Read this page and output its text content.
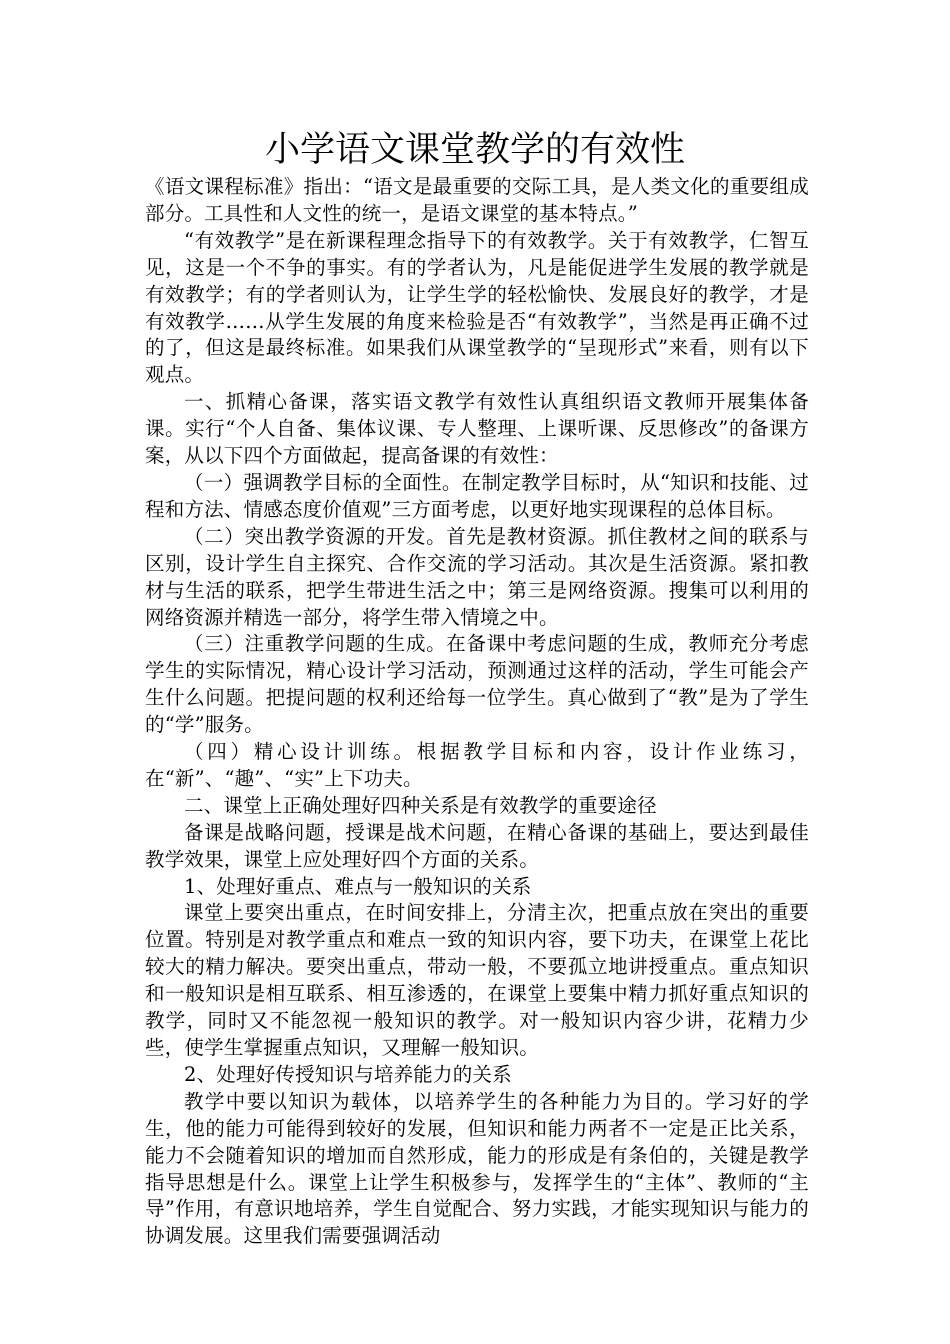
小学语文课堂教学的有效性

《语文课程标准》指出：“语文是最重要的交际工具，是人类文化的重要组成部分。工具性和人文性的统一，是语文课堂的基本特点。”

“有效教学”是在新课程理念指导下的有效教学。关于有效教学，仁智互见，这是一个不争的事实。有的学者认为，凡是能促进学生发展的教学就是有效教学；有的学者则认为，让学生学的轻松愉快、发展良好的教学，才是有效教学……从学生发展的角度来检验是否“有效教学”，当然是再正确不过的了，但这是最终标准。如果我们从课堂教学的“呈现形式”来看，则有以下观点。

一、抓精心备课，落实语文教学有效性认真组织语文教师开展集体备课。实行“个人自备、集体议课、专人整理、上课听课、反思修改”的备课方案，从以下四个方面做起，提高备课的有效性：

（一）强调教学目标的全面性。在制定教学目标时，从“知识和技能、过程和方法、情感态度价值观”三方面考虑，以更好地实现课程的总体目标。

（二）突出教学资源的开发。首先是教材资源。抓住教材之间的联系与区别，设计学生自主探究、合作交流的学习活动。其次是生活资源。紧扣教材与生活的联系，把学生带进生活之中；第三是网络资源。搜集可以利用的网络资源并精选一部分，将学生带入情境之中。

（三）注重教学问题的生成。在备课中考虑问题的生成，教师充分考虑学生的实际情况，精心设计学习活动，预测通过这样的活动，学生可能会产生什么问题。把提问题的权利还给每一位学生。真心做到了“教”是为了学生的“学”服务。

（四）精心设计训练。根据教学目标和内容，设计作业练习，在“新”、“趣”、“实”上下功夫。

二、课堂上正确处理好四种关系是有效教学的重要途径

备课是战略问题，授课是战术问题，在精心备课的基础上，要达到最佳教学效果，课堂上应处理好四个方面的关系。

1、处理好重点、难点与一般知识的关系

课堂上要突出重点，在时间安排上，分清主次，把重点放在突出的重要位置。特别是对教学重点和难点一致的知识内容，要下功夫，在课堂上花比较大的精力解决。要突出重点，带动一般，不要孤立地讲授重点。重点知识和一般知识是相互联系、相互渗透的，在课堂上要集中精力抓好重点知识的教学，同时又不能忽视一般知识的教学。对一般知识内容少讲，花精力少些，使学生掌握重点知识，又理解一般知识。

2、处理好传授知识与培养能力的关系

教学中要以知识为载体，以培养学生的各种能力为目的。学习好的学生，他的能力可能得到较好的发展，但知识和能力两者不一定是正比关系，能力不会随着知识的增加而自然形成，能力的形成是有条伯的，关键是教学指导思想是什么。课堂上让学生积极参与，发挥学生的“主体”、教师的“主导”作用，有意识地培养，学生自觉配合、努力实践，才能实现知识与能力的协调发展。这里我们需要强调活动
